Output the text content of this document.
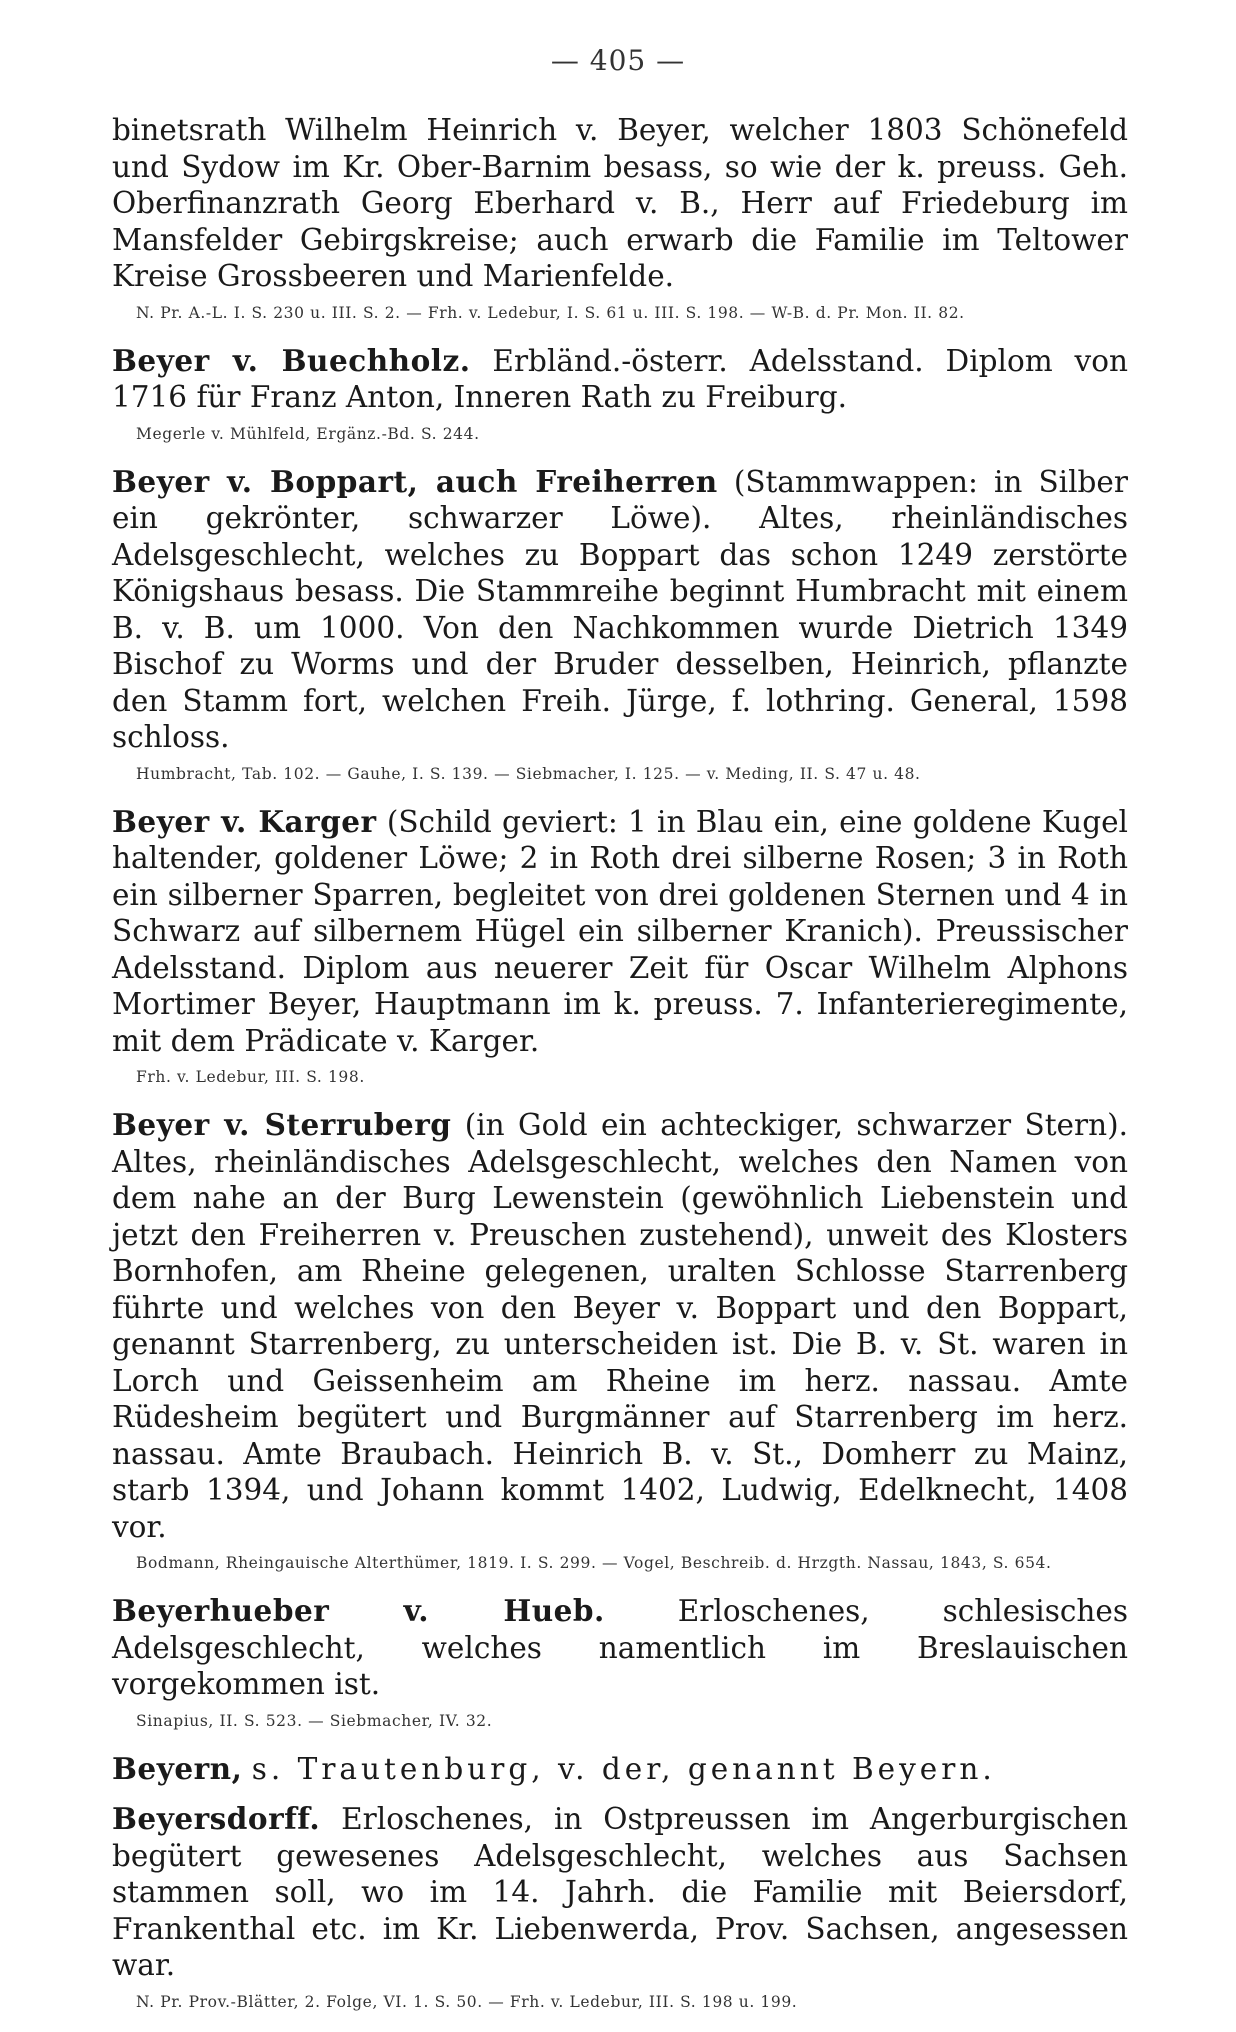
— 405 —

binetsrath Wilhelm Heinrich v. Beyer, welcher 1803 Schönefeld und Sydow im Kr. Ober-Barnim besass, so wie der k. preuss. Geh. Oberfinanzrath Georg Eberhard v. B., Herr auf Friedeburg im Mansfelder Gebirgskreise; auch erwarb die Familie im Teltower Kreise Grossbeeren und Marienfelde.

N. Pr. A.-L. I. S. 230 u. III. S. 2. — Frh. v. Ledebur, I. S. 61 u. III. S. 198. — W-B. d. Pr. Mon. II. 82.

Beyer v. Buechholz. Erbländ.-österr. Adelsstand. Diplom von 1716 für Franz Anton, Inneren Rath zu Freiburg.

Megerle v. Mühlfeld, Ergänz.-Bd. S. 244.

Beyer v. Boppart, auch Freiherren (Stammwappen: in Silber ein gekrönter, schwarzer Löwe). Altes, rheinländisches Adelsgeschlecht, welches zu Boppart das schon 1249 zerstörte Königshaus besass. Die Stammreihe beginnt Humbracht mit einem B. v. B. um 1000. Von den Nachkommen wurde Dietrich 1349 Bischof zu Worms und der Bruder desselben, Heinrich, pflanzte den Stamm fort, welchen Freih. Jürge, f. lothring. General, 1598 schloss.

Humbracht, Tab. 102. — Gauhe, I. S. 139. — Siebmacher, I. 125. — v. Meding, II. S. 47 u. 48.

Beyer v. Karger (Schild geviert: 1 in Blau ein, eine goldene Kugel haltender, goldener Löwe; 2 in Roth drei silberne Rosen; 3 in Roth ein silberner Sparren, begleitet von drei goldenen Sternen und 4 in Schwarz auf silbernem Hügel ein silberner Kranich). Preussischer Adelsstand. Diplom aus neuerer Zeit für Oscar Wilhelm Alphons Mortimer Beyer, Hauptmann im k. preuss. 7. Infanterieregimente, mit dem Prädicate v. Karger.

Frh. v. Ledebur, III. S. 198.

Beyer v. Sterruberg (in Gold ein achteckiger, schwarzer Stern). Altes, rheinländisches Adelsgeschlecht, welches den Namen von dem nahe an der Burg Lewenstein (gewöhnlich Liebenstein und jetzt den Freiherren v. Preuschen zustehend), unweit des Klosters Bornhofen, am Rheine gelegenen, uralten Schlosse Starrenberg führte und welches von den Beyer v. Boppart und den Boppart, genannt Starrenberg, zu unterscheiden ist. Die B. v. St. waren in Lorch und Geissenheim am Rheine im herz. nassau. Amte Rüdesheim begütert und Burgmänner auf Starrenberg im herz. nassau. Amte Braubach. Heinrich B. v. St., Domherr zu Mainz, starb 1394, und Johann kommt 1402, Ludwig, Edelknecht, 1408 vor.

Bodmann, Rheingauische Alterthümer, 1819. I. S. 299. — Vogel, Beschreib. d. Hrzgth. Nassau, 1843, S. 654.

Beyerhueber v. Hueb. Erloschenes, schlesisches Adelsgeschlecht, welches namentlich im Breslauischen vorgekommen ist.

Sinapius, II. S. 523. — Siebmacher, IV. 32.

Beyern, s. Trautenburg, v. der, genannt Beyern.

Beyersdorff. Erloschenes, in Ostpreussen im Angerburgischen begütert gewesenes Adelsgeschlecht, welches aus Sachsen stammen soll, wo im 14. Jahrh. die Familie mit Beiersdorf, Frankenthal etc. im Kr. Liebenwerda, Prov. Sachsen, angesessen war.

N. Pr. Prov.-Blätter, 2. Folge, VI. 1. S. 50. — Frh. v. Ledebur, III. S. 198 u. 199.
